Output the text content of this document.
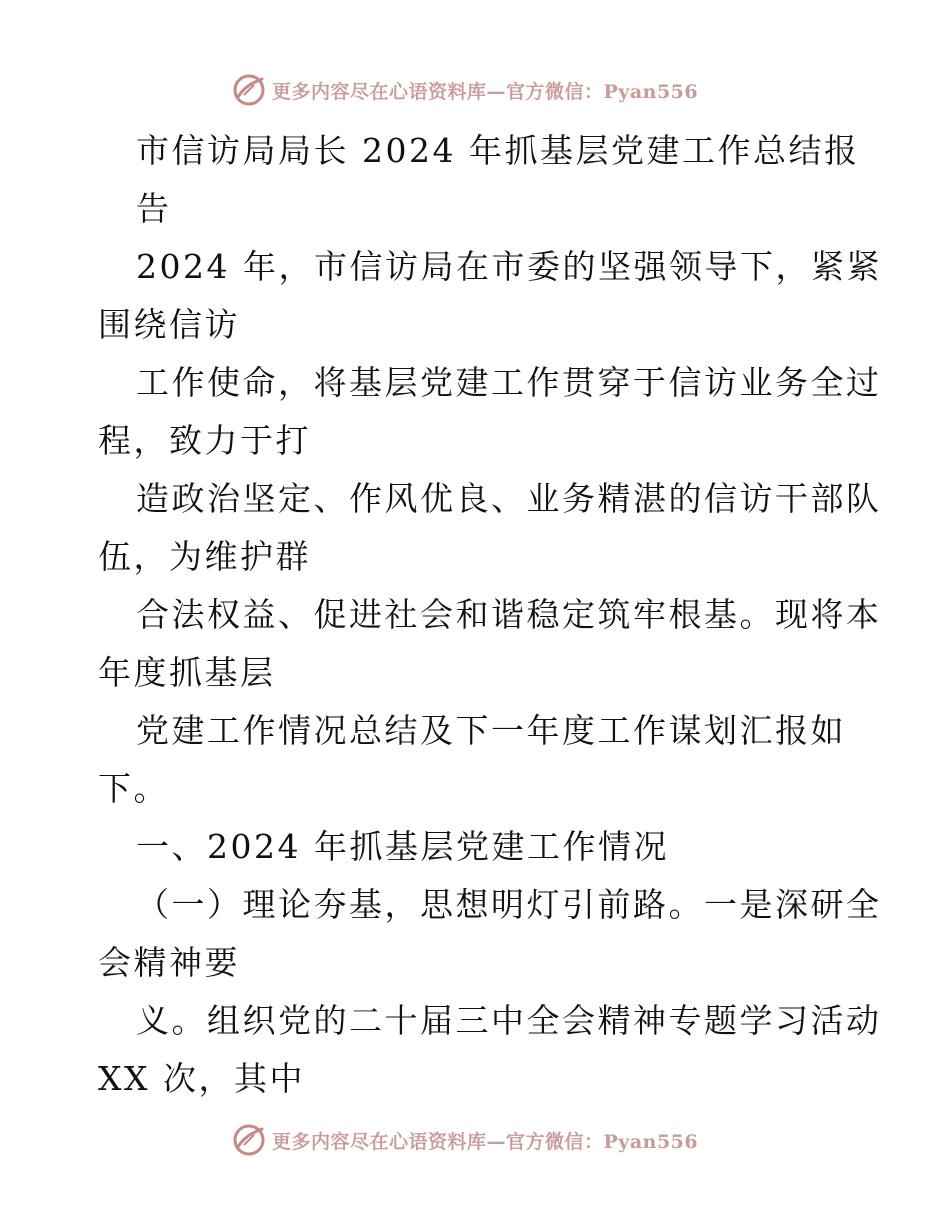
更多内容尽在心语资料库—官方微信：Pyan556
市信访局局长 2024 年抓基层党建工作总结报
告
2024 年，市信访局在市委的坚强领导下，紧紧
围绕信访
工作使命，将基层党建工作贯穿于信访业务全过
程，致力于打
造政治坚定、作风优良、业务精湛的信访干部队
伍，为维护群
合法权益、促进社会和谐稳定筑牢根基。现将本
年度抓基层
党建工作情况总结及下一年度工作谋划汇报如
下。
一、2024 年抓基层党建工作情况
（一）理论夯基，思想明灯引前路。一是深研全
会精神要
义。组织党的二十届三中全会精神专题学习活动
XX 次，其中
更多内容尽在心语资料库—官方微信：Pyan556
